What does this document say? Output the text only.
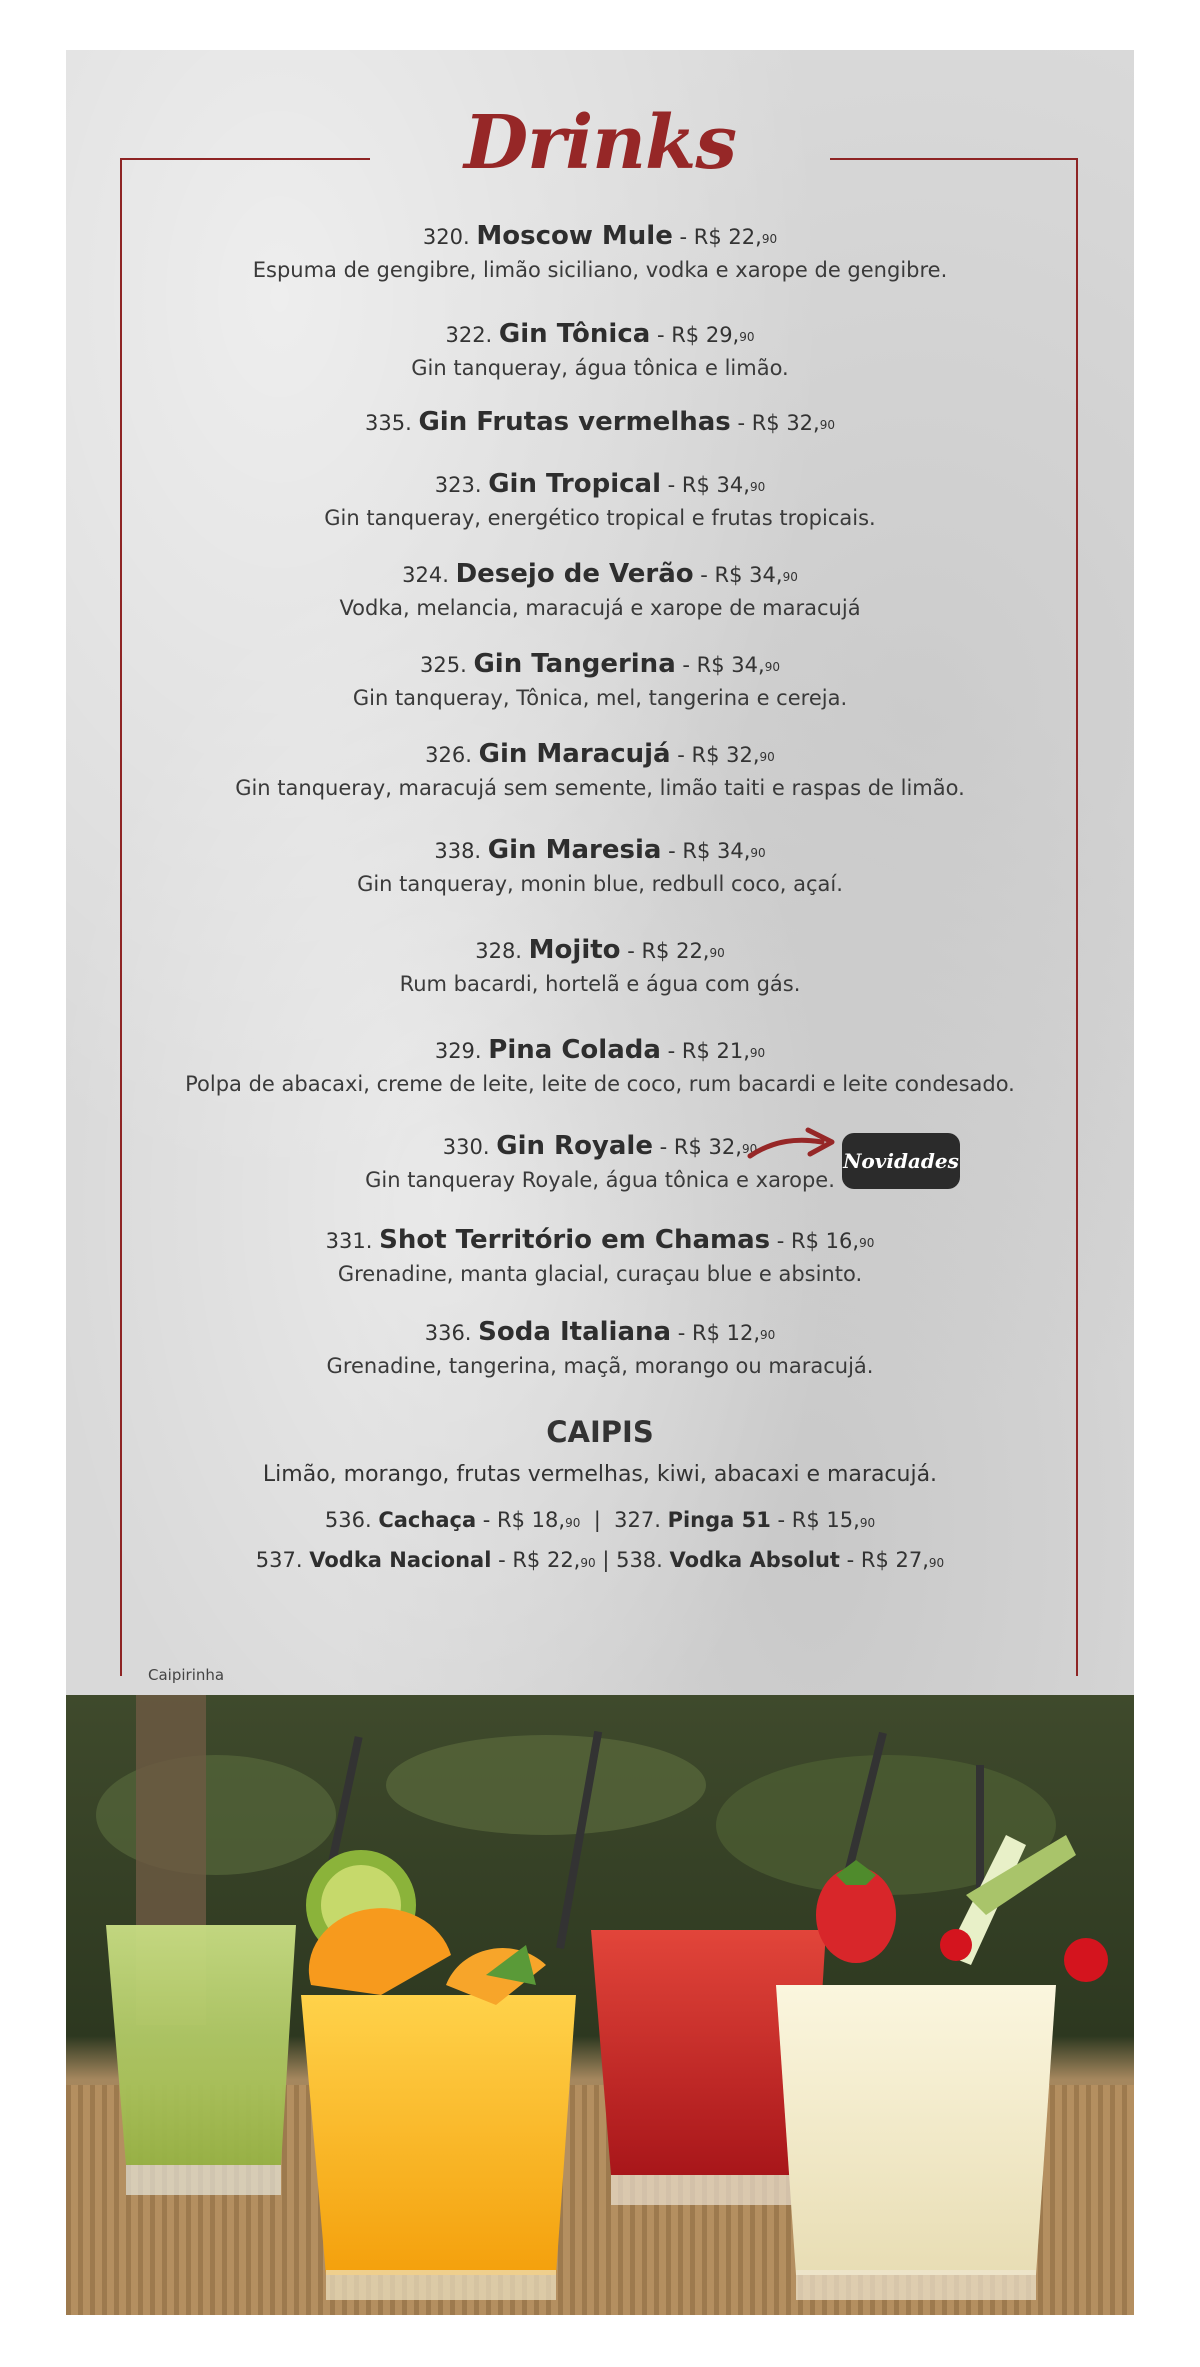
Drinks
320. Moscow Mule - R$ 22,90
Espuma de gengibre, limão siciliano, vodka e xarope de gengibre.
322. Gin Tônica - R$ 29,90
Gin tanqueray, água tônica e limão.
335. Gin Frutas vermelhas - R$ 32,90
323. Gin Tropical - R$ 34,90
Gin tanqueray, energético tropical e frutas tropicais.
324. Desejo de Verão - R$ 34,90
Vodka, melancia, maracujá e xarope de maracujá
325. Gin Tangerina - R$ 34,90
Gin tanqueray, Tônica, mel, tangerina e cereja.
326. Gin Maracujá - R$ 32,90
Gin tanqueray, maracujá sem semente, limão taiti e raspas de limão.
338. Gin Maresia - R$ 34,90
Gin tanqueray, monin blue, redbull coco, açaí.
328. Mojito - R$ 22,90
Rum bacardi, hortelã e água com gás.
329. Pina Colada - R$ 21,90
Polpa de abacaxi, creme de leite, leite de coco, rum bacardi e leite condesado.
330. Gin Royale - R$ 32,90
Gin tanqueray Royale, água tônica e xarope.
Novidades
331. Shot Território em Chamas - R$ 16,90
Grenadine, manta glacial, curaçau blue e absinto.
336. Soda Italiana - R$ 12,90
Grenadine, tangerina, maçã, morango ou maracujá.
CAIPIS
Limão, morango, frutas vermelhas, kiwi, abacaxi e maracujá.
536. Cachaça - R$ 18,90  |  327. Pinga 51 - R$ 15,90
537. Vodka Nacional - R$ 22,90 | 538. Vodka Absolut - R$ 27,90
Caipirinha
